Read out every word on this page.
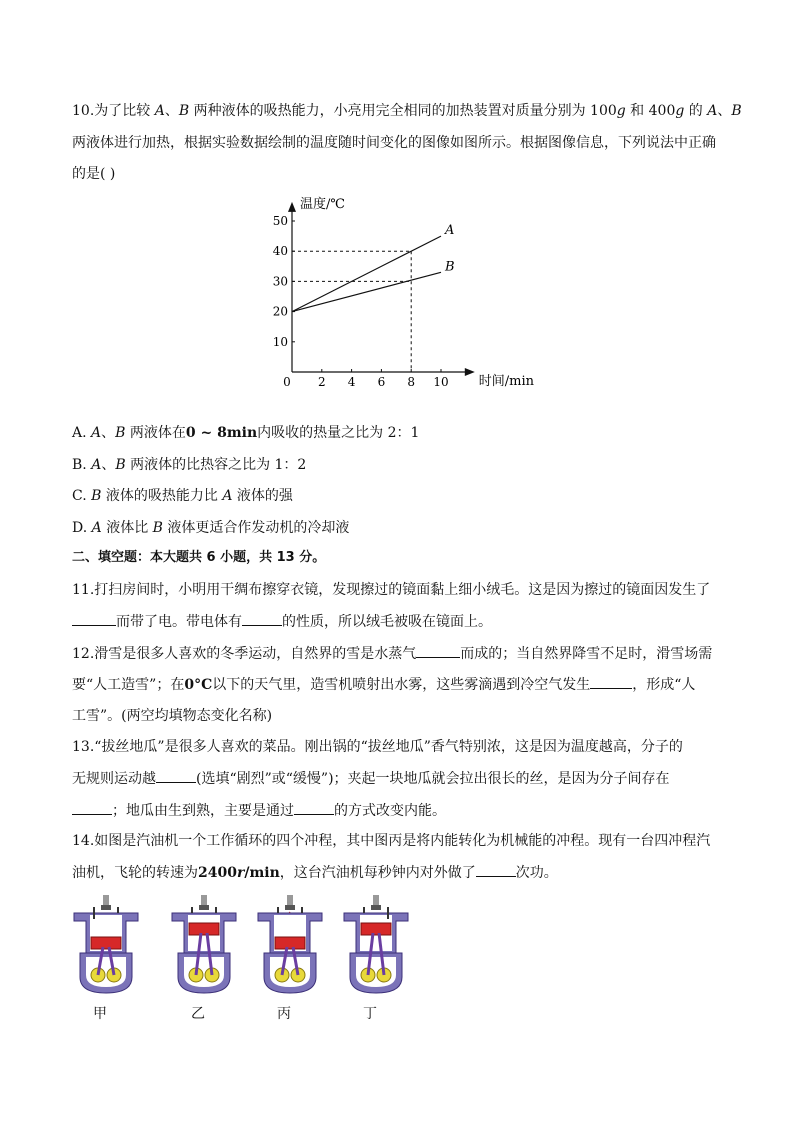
10.为了比较 A、B 两种液体的吸热能力，小亮用完全相同的加热装置对质量分别为 100g 和 400g 的 A、B
两液体进行加热，根据实验数据绘制的温度随时间变化的图像如图所示。根据图像信息，下列说法中正确
的是( )
温度/℃
时间/min
0 2 4 6 8 10
10
20
30
40
50
A
B
A. A、B 两液体在0 ~ 8min内吸收的热量之比为 2：1
B. A、B 两液体的比热容之比为 1：2
C. B 液体的吸热能力比 A 液体的强
D. A 液体比 B 液体更适合作发动机的冷却液
二、填空题：本大题共 6 小题，共 13 分。
11.打扫房间时，小明用干绸布擦穿衣镜，发现擦过的镜面黏上细小绒毛。这是因为擦过的镜面因发生了
而带了电。带电体有	的性质，所以绒毛被吸在镜面上。
12.滑雪是很多人喜欢的冬季运动，自然界的雪是水蒸气	而成的；当自然界降雪不足时，滑雪场需
要“人工造雪”；在0°C以下的天气里，造雪机喷射出水雾，这些雾滴遇到冷空气发生	，形成“人
工雪”。(两空均填物态变化名称)
13.“拔丝地瓜”是很多人喜欢的菜品。刚出锅的“拔丝地瓜”香气特别浓，这是因为温度越高，分子的
无规则运动越	(选填“剧烈”或“缓慢”)；夹起一块地瓜就会拉出很长的丝，是因为分子间存在
；地瓜由生到熟，主要是通过	的方式改变内能。
14.如图是汽油机一个工作循环的四个冲程，其中图丙是将内能转化为机械能的冲程。现有一台四冲程汽
油机，飞轮的转速为2400r/min，这台汽油机每秒钟内对外做了	次功。
甲	乙	丙	丁
